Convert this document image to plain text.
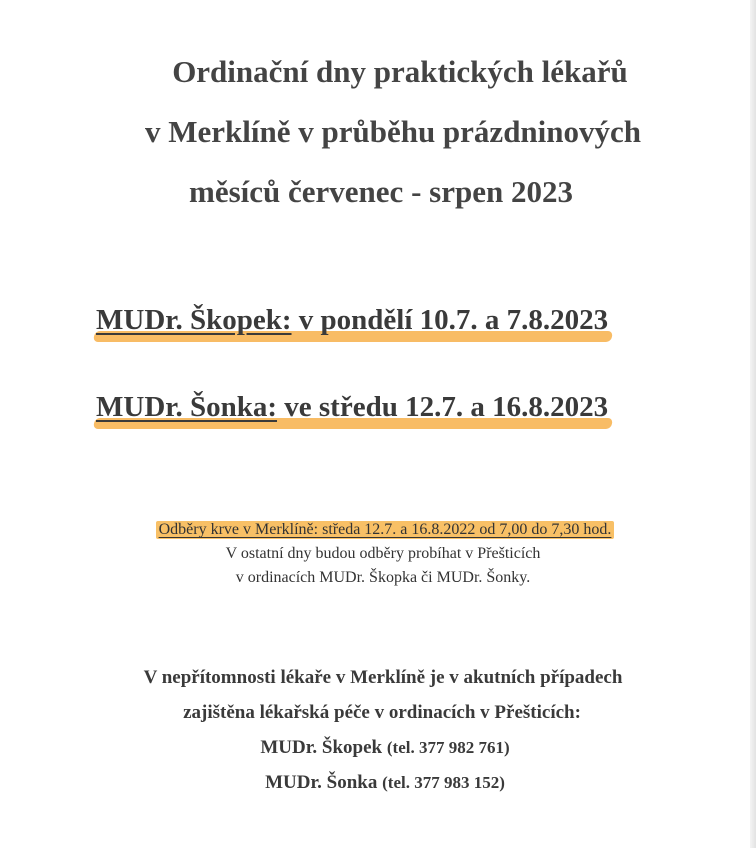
Ordinační dny praktických lékařů
v Merklíně v průběhu prázdninových
měsíců červenec - srpen 2023
MUDr. Škopek: v pondělí 10.7. a 7.8.2023
MUDr. Šonka: ve středu 12.7. a 16.8.2023
Odběry krve v Merklíně: středa 12.7. a 16.8.2022 od 7,00 do 7,30 hod.
V ostatní dny budou odběry probíhat v Přešticích
v ordinacích MUDr. Škopka či MUDr. Šonky.
V nepřítomnosti lékaře v Merklíně je v akutních případech
zajištěna lékařská péče v ordinacích v Přešticích:
MUDr. Škopek (tel. 377 982 761)
MUDr. Šonka (tel. 377 983 152)
